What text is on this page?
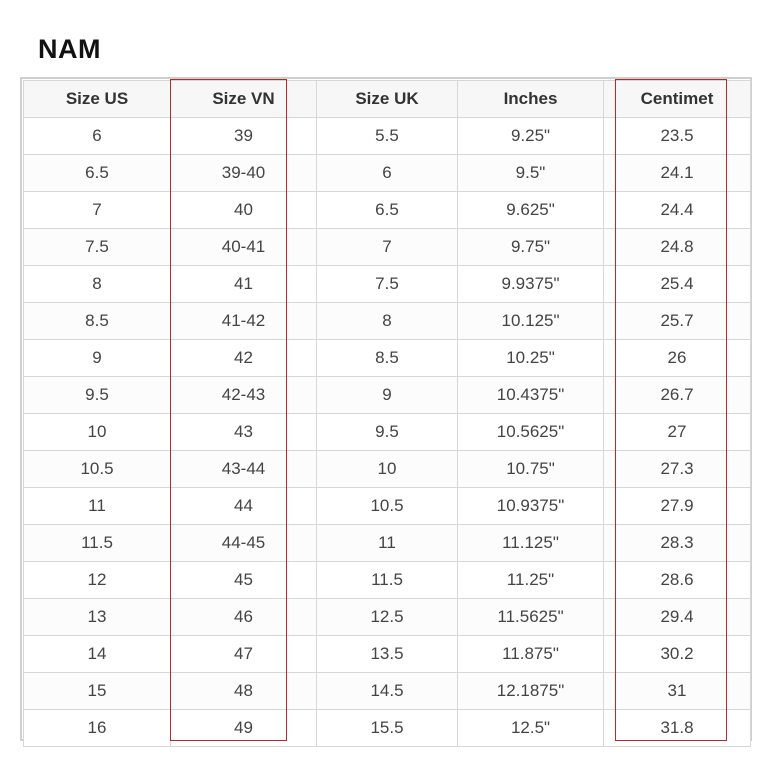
NAM
Size US	Size VN	Size UK	Inches	Centimet
6	39	5.5	9.25"	23.5
6.5	39-40	6	9.5"	24.1
7	40	6.5	9.625"	24.4
7.5	40-41	7	9.75"	24.8
8	41	7.5	9.9375"	25.4
8.5	41-42	8	10.125"	25.7
9	42	8.5	10.25"	26
9.5	42-43	9	10.4375"	26.7
10	43	9.5	10.5625"	27
10.5	43-44	10	10.75"	27.3
11	44	10.5	10.9375"	27.9
11.5	44-45	11	11.125"	28.3
12	45	11.5	11.25"	28.6
13	46	12.5	11.5625"	29.4
14	47	13.5	11.875"	30.2
15	48	14.5	12.1875"	31
16	49	15.5	12.5"	31.8
